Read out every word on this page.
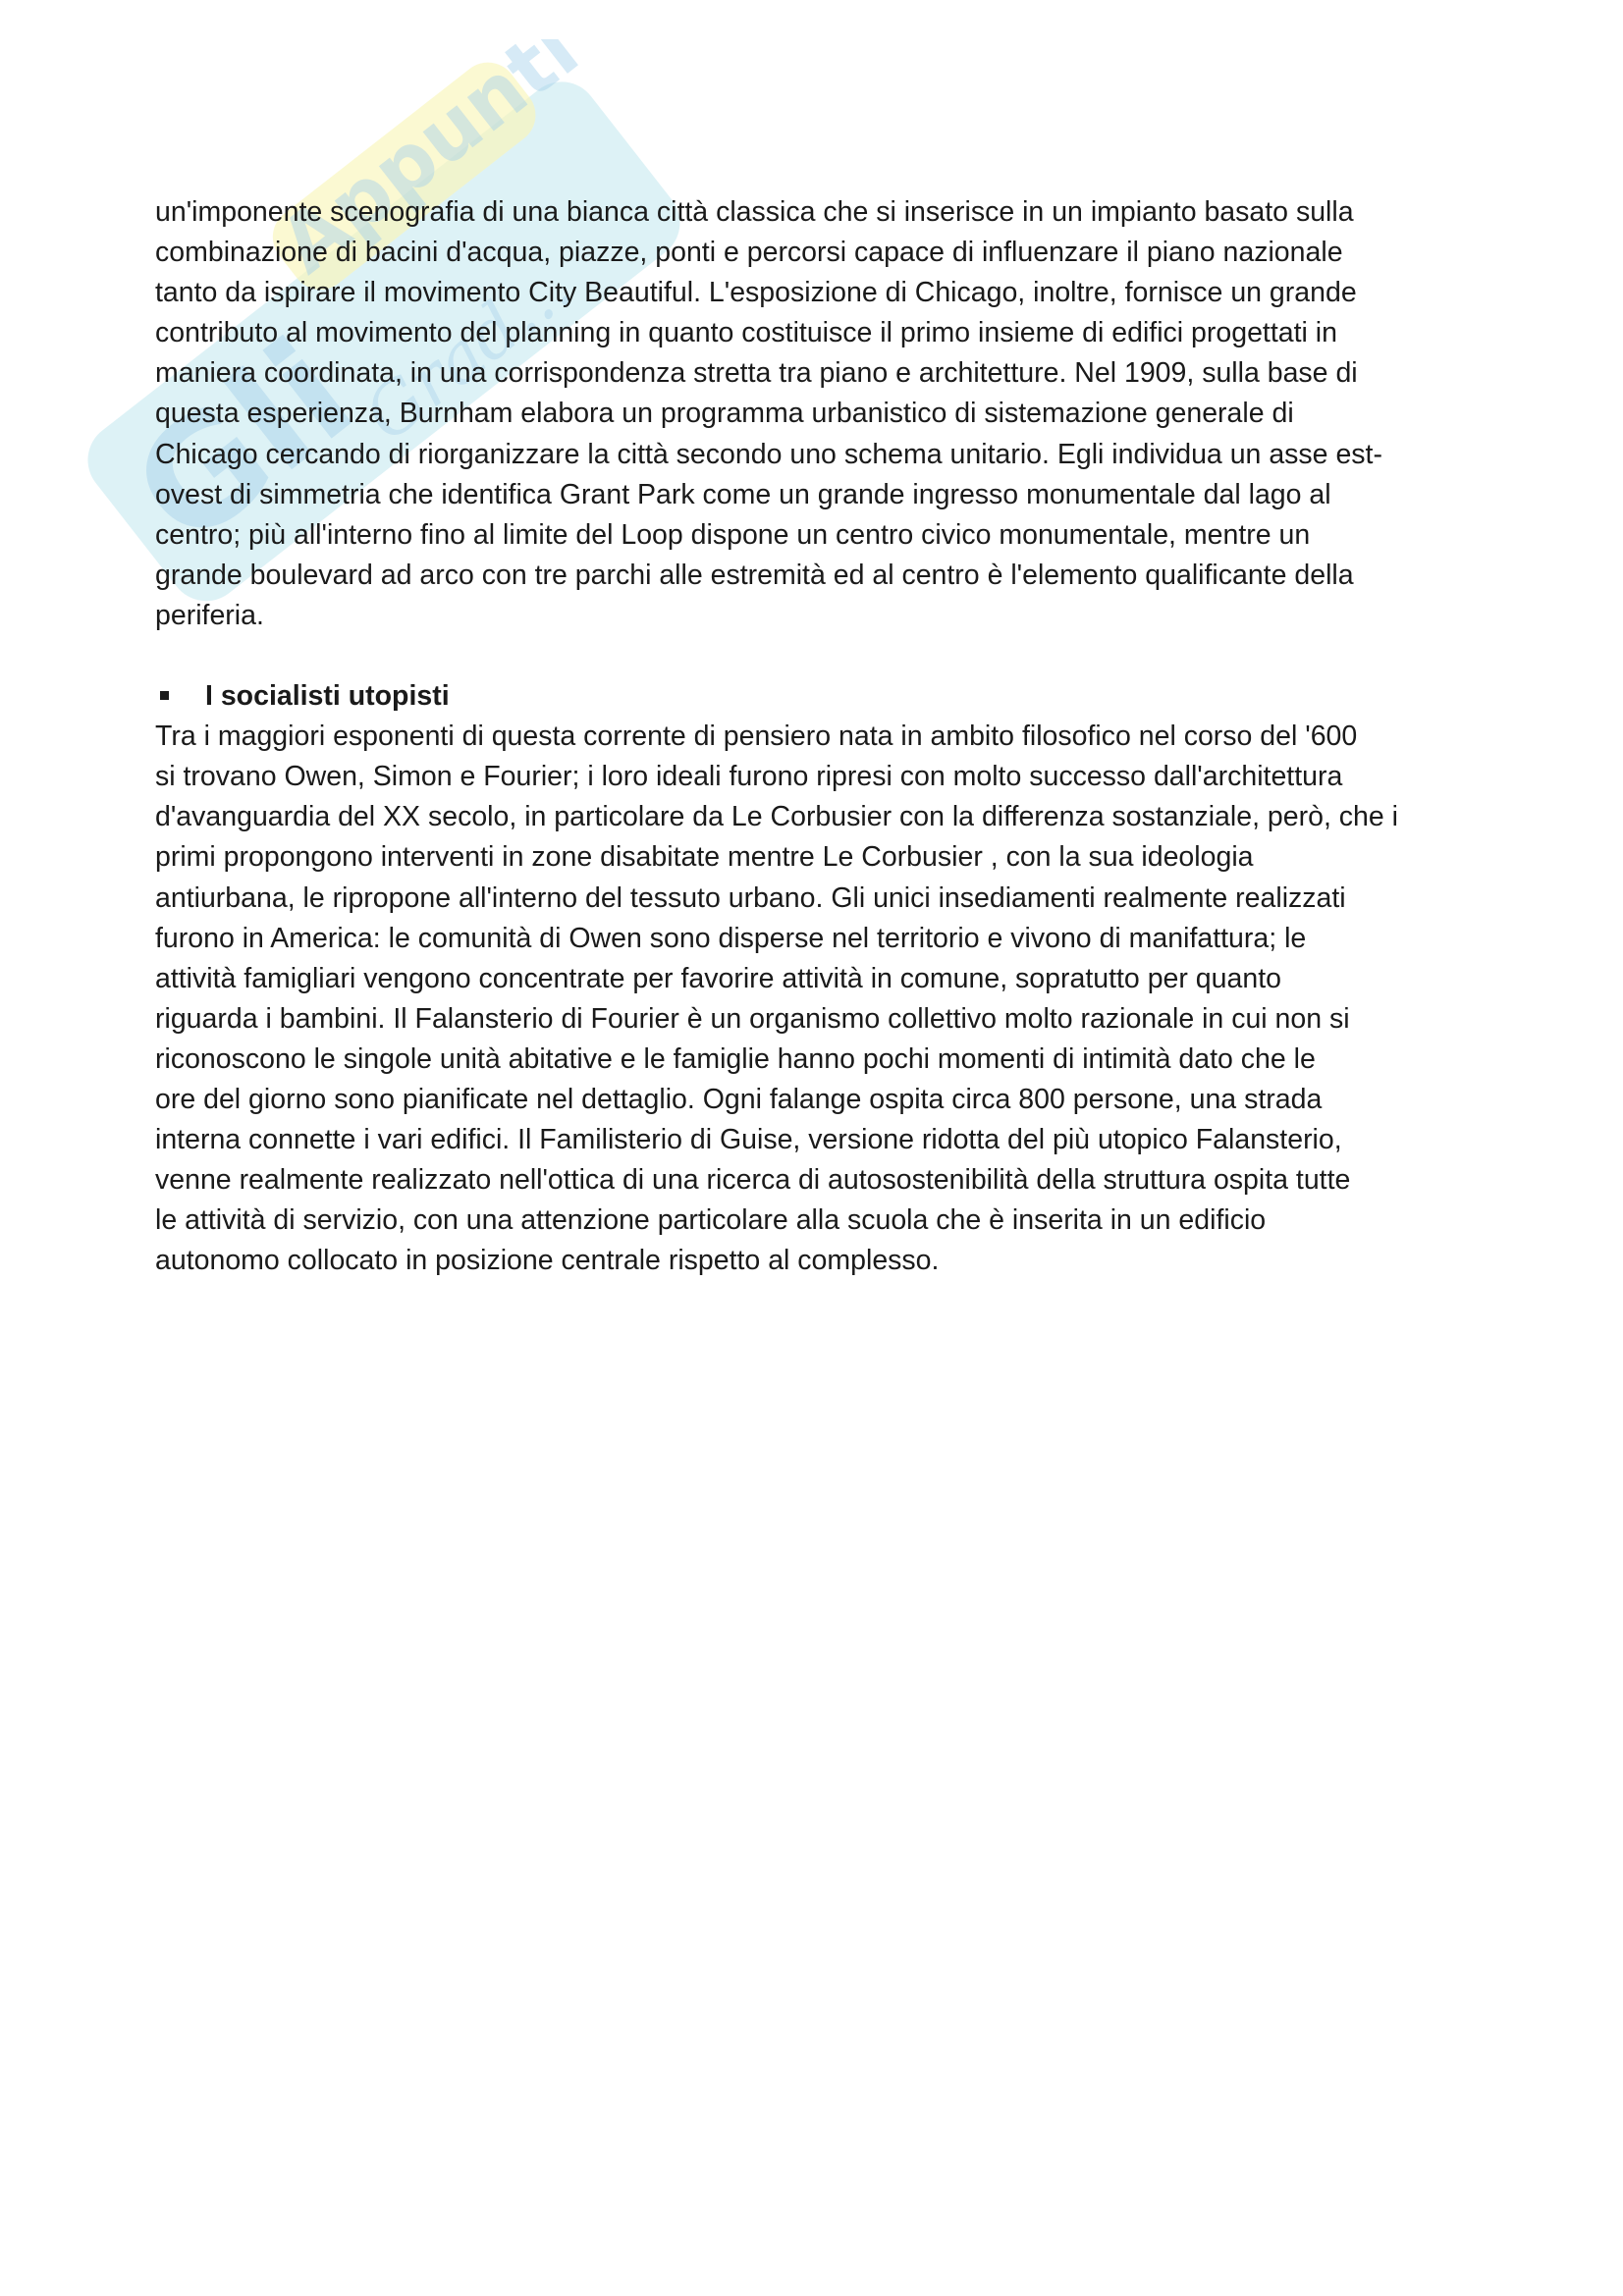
Gli
Appunti
Grad...
un'imponente scenografia di una bianca città classica che si inserisce in un impianto basato sulla
combinazione di bacini d'acqua, piazze, ponti e percorsi capace di influenzare il piano nazionale
tanto da ispirare il movimento City Beautiful. L'esposizione di Chicago, inoltre, fornisce un grande
contributo al movimento del planning in quanto costituisce il primo insieme di edifici progettati in
maniera coordinata, in una corrispondenza stretta tra piano e architetture. Nel 1909, sulla base di
questa esperienza, Burnham elabora un programma urbanistico di sistemazione generale di
Chicago cercando di riorganizzare la città secondo uno schema unitario. Egli individua un asse est-
ovest di simmetria che identifica Grant Park come un grande ingresso monumentale dal lago al
centro; più all'interno fino al limite del Loop dispone un centro civico monumentale, mentre un
grande boulevard ad arco con tre parchi alle estremità ed al centro è l'elemento qualificante della
periferia.
I socialisti utopisti
Tra i maggiori esponenti di questa corrente di pensiero nata in ambito filosofico nel corso del '600
si trovano Owen, Simon e Fourier; i loro ideali furono ripresi con molto successo dall'architettura
d'avanguardia del XX secolo, in particolare da Le Corbusier con la differenza sostanziale, però, che i
primi propongono interventi in zone disabitate mentre Le Corbusier , con la sua ideologia
antiurbana, le ripropone all'interno del tessuto urbano. Gli unici insediamenti realmente realizzati
furono in America: le comunità di Owen sono disperse nel territorio e vivono di manifattura; le
attività famigliari vengono concentrate per favorire attività in comune, sopratutto per quanto
riguarda i bambini. Il Falansterio di Fourier è un organismo collettivo molto razionale in cui non si
riconoscono le singole unità abitative e le famiglie hanno pochi momenti di intimità dato che le
ore del giorno sono pianificate nel dettaglio. Ogni falange ospita circa 800 persone, una strada
interna connette i vari edifici. Il Familisterio di Guise, versione ridotta del più utopico Falansterio,
venne realmente realizzato nell'ottica di una ricerca di autosostenibilità della struttura ospita tutte
le attività di servizio, con una attenzione particolare alla scuola che è inserita in un edificio
autonomo collocato in posizione centrale rispetto al complesso.
